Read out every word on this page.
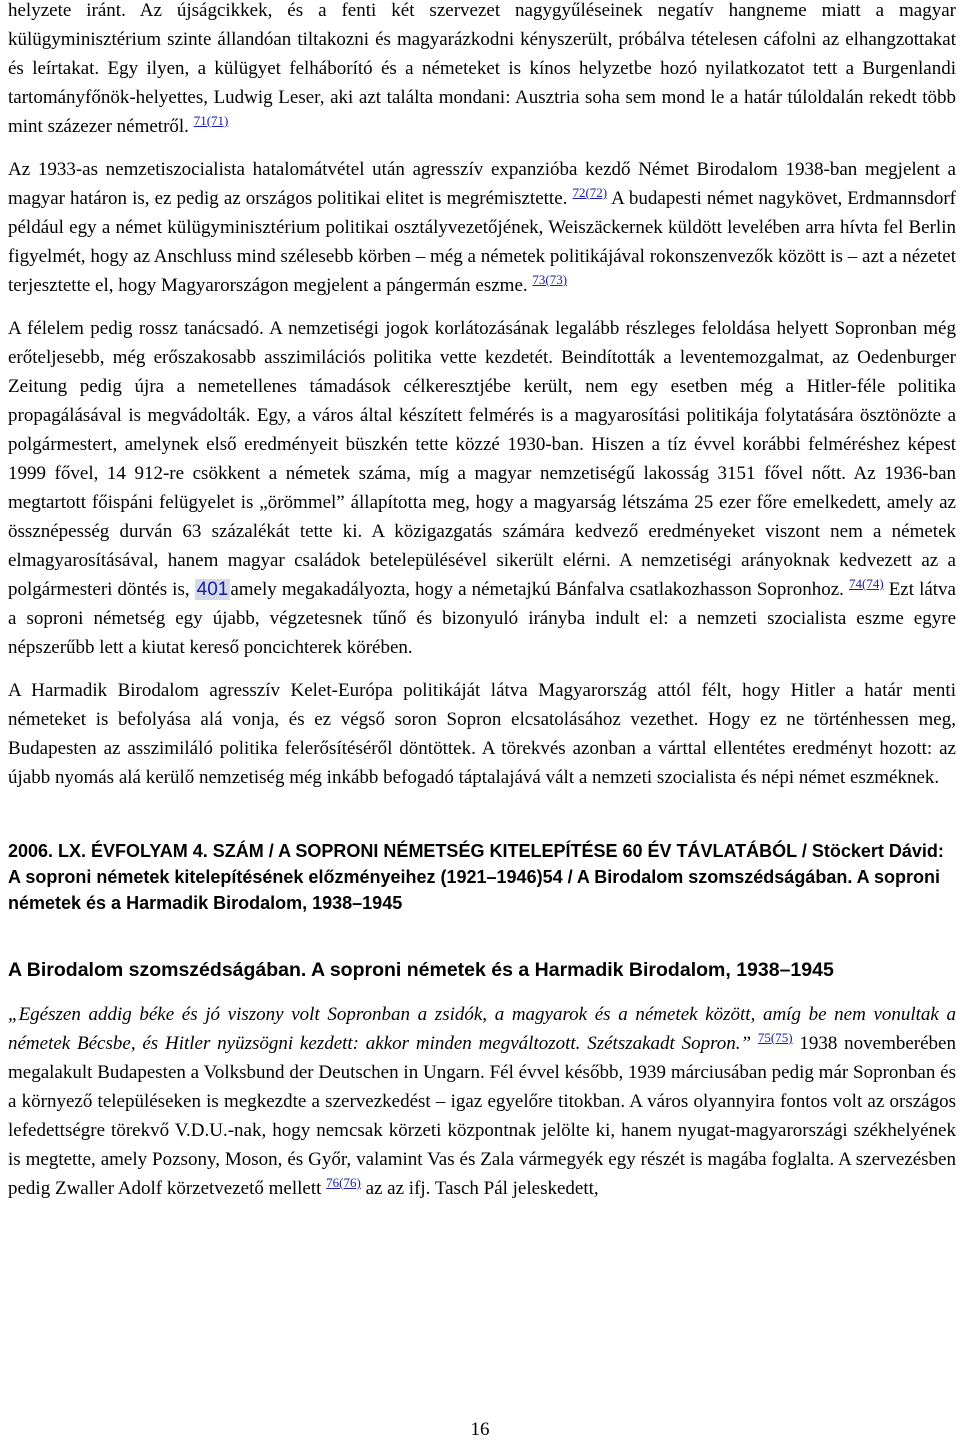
helyzete iránt. Az újságcikkek, és a fenti két szervezet nagygyűléseinek negatív hangneme miatt a magyar külügyminisztérium szinte állandóan tiltakozni és magyarázkodni kényszerült, próbálva tételesen cáfolni az elhangzottakat és leírtakat. Egy ilyen, a külügyet felháborító és a németeket is kínos helyzetbe hozó nyilatkozatot tett a Burgenlandi tartományfőnök-helyettes, Ludwig Leser, aki azt találta mondani: Ausztria soha sem mond le a határ túloldalán rekedt több mint százezer németről. $^{71(71)}$

Az 1933-as nemzetiszocialista hatalomátvétel után agresszív expanzióba kezdő Német Birodalom 1938-ban megjelent a magyar határon is, ez pedig az országos politikai elitet is megrémisztette. $^{72(72)}$ A budapesti német nagykövet, Erdmannsdorf például egy a német külügyminisztérium politikai osztályvezetőjének, Weiszäckernek küldött levelében arra hívta fel Berlin figyelmét, hogy az Anschluss mind szélesebb körben – még a németek politikájával rokonszenvezők között is – azt a nézetet terjesztette el, hogy Magyarországon megjelent a pángermán eszme. $^{73(73)}$

A félelem pedig rossz tanácsadó. A nemzetiségi jogok korlátozásának legalább részleges feloldása helyett Sopronban még erőteljesebb, még erőszakosabb asszimilációs politika vette kezdetét. Beindították a leventemozgalmat, az Oedenburger Zeitung pedig újra a nemetellenes támadások célkeresztjébe került, nem egy esetben még a Hitler-féle politika propagálásával is megvádolták. Egy, a város által készített felmérés is a magyarosítási politikája folytatására ösztönözte a polgármestert, amelynek első eredményeit büszkén tette közzé 1930-ban. Hiszen a tíz évvel korábbi felméréshez képest 1999 fővel, 14 912-re csökkent a németek száma, míg a magyar nemzetiségű lakosság 3151 fővel nőtt. Az 1936-ban megtartott főispáni felügyelet is „örömmel” állapította meg, hogy a magyarság létszáma 25 ezer főre emelkedett, amely az össznépesség durván 63 százalékát tette ki. A közigazgatás számára kedvező eredményeket viszont nem a németek elmagyarosításával, hanem magyar családok betelepülésével sikerült elérni. A nemzetiségi arányoknak kedvezett az a polgármesteri döntés is, 401 amely megakadályozta, hogy a németajkú Bánfalva csatlakozhasson Sopronhoz. $^{74(74)}$ Ezt látva a soproni németség egy újabb, végzetesnek tűnő és bizonyuló irányba indult el: a nemzeti szocialista eszme egyre népszerűbb lett a kiutat kereső poncichterek körében.

A Harmadik Birodalom agresszív Kelet-Európa politikáját látva Magyarország attól félt, hogy Hitler a határ menti németeket is befolyása alá vonja, és ez végső soron Sopron elcsatolásához vezethet. Hogy ez ne történhessen meg, Budapesten az asszimiláló politika felerősítéséről döntöttek. A törekvés azonban a várttal ellentétes eredményt hozott: az újabb nyomás alá kerülő nemzetiség még inkább befogadó táptalajává vált a nemzeti szocialista és népi német eszméknek.

2006. LX. ÉVFOLYAM 4. SZÁM / A SOPRONI NÉMETSÉG KITELEPÍTÉSE 60 ÉV TÁVLATÁBÓL / Stöckert Dávid: A soproni németek kitelepítésének előzményeihez (1921–1946)54 / A Birodalom szomszédságában. A soproni németek és a Harmadik Birodalom, 1938–1945
A Birodalom szomszédságában. A soproni németek és a Harmadik Birodalom, 1938–1945

„Egészen addig béke és jó viszony volt Sopronban a zsidók, a magyarok és a németek között, amíg be nem vonultak a németek Bécsbe, és Hitler nyüzsögni kezdett: akkor minden megváltozott. Szétszakadt Sopron.” $^{75(75)}$ 1938 novemberében megalakult Budapesten a Volksbund der Deutschen in Ungarn. Fél évvel később, 1939 márciusában pedig már Sopronban és a környező településeken is megkezdte a szervezkedést – igaz egyelőre titokban. A város olyannyira fontos volt az országos lefedettségre törekvő V.D.U.-nak, hogy nemcsak körzeti központnak jelölte ki, hanem nyugat-magyarországi székhelyének is megtette, amely Pozsony, Moson, és Győr, valamint Vas és Zala vármegyék egy részét is magába foglalta. A szervezésben pedig Zwaller Adolf körzetvezető mellett $^{76(76)}$ az az ifj. Tasch Pál jeleskedett,

16
